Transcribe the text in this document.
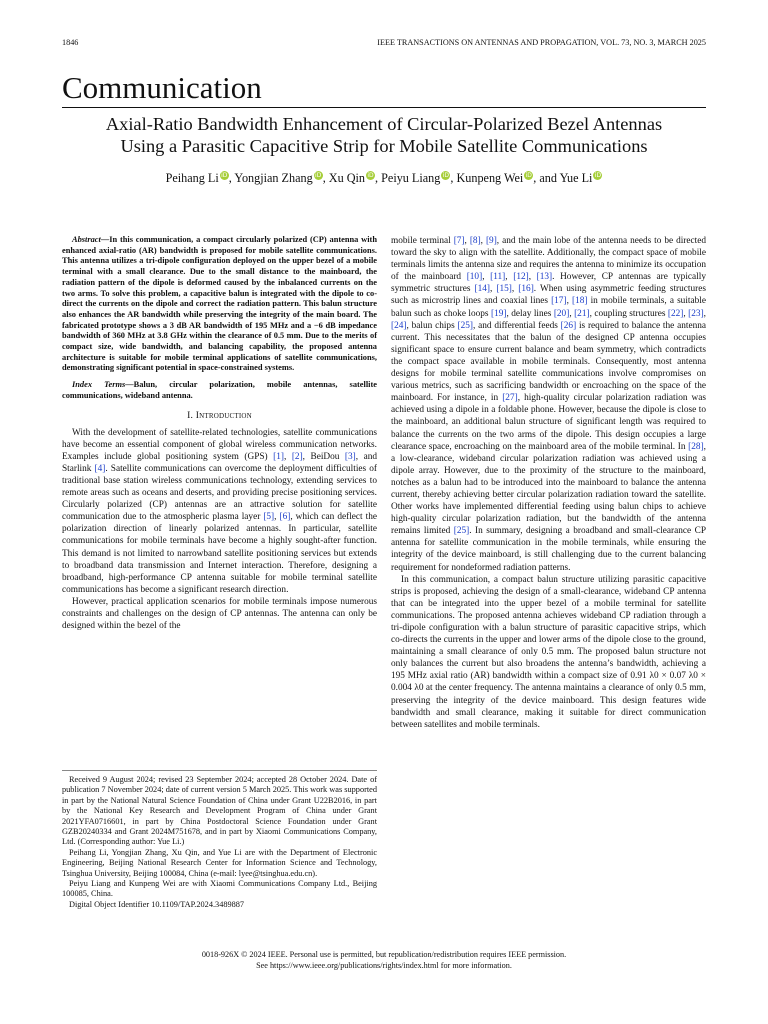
1846	IEEE TRANSACTIONS ON ANTENNAS AND PROPAGATION, VOL. 73, NO. 3, MARCH 2025
Communication
Axial-Ratio Bandwidth Enhancement of Circular-Polarized Bezel Antennas
Using a Parasitic Capacitive Strip for Mobile Satellite Communications
Peihang Li iD, Yongjian Zhang iD, Xu Qin iD, Peiyu Liang iD, Kunpeng Wei iD, and Yue Li iD

Abstract—In this communication, a compact circularly polarized (CP) antenna with enhanced axial-ratio (AR) bandwidth is proposed for mobile satellite communications. This antenna utilizes a tri-dipole configuration deployed on the upper bezel of a mobile terminal with a small clearance. Due to the small distance to the mainboard, the radiation pattern of the dipole is deformed caused by the inbalanced currents on the two arms. To solve this problem, a capacitive balun is integrated with the dipole to co-direct the currents on the dipole and correct the radiation pattern. This balun structure also enhances the AR bandwidth while preserving the integrity of the main board. The fabricated prototype shows a 3 dB AR bandwidth of 195 MHz and a −6 dB impedance bandwidth of 360 MHz at 3.8 GHz within the clearance of 0.5 mm. Due to the merits of compact size, wide bandwidth, and balancing capability, the proposed antenna architecture is suitable for mobile terminal applications of satellite communications, demonstrating significant potential in space-constrained systems.

Index Terms—Balun, circular polarization, mobile antennas, satellite communications, wideband antenna.

I. Introduction

With the development of satellite-related technologies, satellite communications have become an essential component of global wireless communication networks. Examples include global positioning system (GPS) [1], [2], BeiDou [3], and Starlink [4]. Satellite communications can overcome the deployment difficulties of traditional base station wireless communications technology, extending services to remote areas such as oceans and deserts, and providing precise positioning services. Circularly polarized (CP) antennas are an attractive solution for satellite communication due to the atmospheric plasma layer [5], [6], which can deflect the polarization direction of linearly polarized antennas. In particular, satellite communications for mobile terminals have become a highly sought-after function. This demand is not limited to narrowband satellite positioning services but extends to broadband data transmission and Internet interaction. Therefore, designing a broadband, high-performance CP antenna suitable for mobile terminal satellite communications has become a significant research direction.

However, practical application scenarios for mobile terminals impose numerous constraints and challenges on the design of CP antennas. The antenna can only be designed within the bezel of the

Received 9 August 2024; revised 23 September 2024; accepted 28 October 2024. Date of publication 7 November 2024; date of current version 5 March 2025. This work was supported in part by the National Natural Science Foundation of China under Grant U22B2016, in part by the National Key Research and Development Program of China under Grant 2021YFA0716601, in part by China Postdoctoral Science Foundation under Grant GZB20240334 and Grant 2024M751678, and in part by Xiaomi Communications Company, Ltd. (Corresponding author: Yue Li.)

Peihang Li, Yongjian Zhang, Xu Qin, and Yue Li are with the Department of Electronic Engineering, Beijing National Research Center for Information Science and Technology, Tsinghua University, Beijing 100084, China (e-mail: lyee@tsinghua.edu.cn).

Peiyu Liang and Kunpeng Wei are with Xiaomi Communications Company Ltd., Beijing 100085, China.

Digital Object Identifier 10.1109/TAP.2024.3489887

mobile terminal [7], [8], [9], and the main lobe of the antenna needs to be directed toward the sky to align with the satellite. Additionally, the compact space of mobile terminals limits the antenna size and requires the antenna to minimize its occupation of the mainboard [10], [11], [12], [13]. However, CP antennas are typically symmetric structures [14], [15], [16]. When using asymmetric feeding structures such as microstrip lines and coaxial lines [17], [18] in mobile terminals, a suitable balun such as choke loops [19], delay lines [20], [21], coupling structures [22], [23], [24], balun chips [25], and differential feeds [26] is required to balance the antenna current. This necessitates that the balun of the designed CP antenna occupies significant space to ensure current balance and beam symmetry, which contradicts the compact space available in mobile terminals. Consequently, most antenna designs for mobile terminal satellite communications involve compromises on various metrics, such as sacrificing bandwidth or encroaching on the space of the mainboard. For instance, in [27], high-quality circular polarization radiation was achieved using a dipole in a foldable phone. However, because the dipole is close to the mainboard, an additional balun structure of significant length was required to balance the currents on the two arms of the dipole. This design occupies a large clearance space, encroaching on the mainboard area of the mobile terminal. In [28], a low-clearance, wideband circular polarization radiation was achieved using a dipole array. However, due to the proximity of the structure to the mainboard, notches as a balun had to be introduced into the mainboard to balance the antenna current, thereby achieving better circular polarization radiation toward the satellite. Other works have implemented differential feeding using balun chips to achieve high-quality circular polarization radiation, but the bandwidth of the antenna remains limited [25]. In summary, designing a broadband and small-clearance CP antenna for satellite communication in the mobile terminals, while ensuring the integrity of the device mainboard, is still challenging due to the current balancing requirement for nondeformed radiation patterns.

In this communication, a compact balun structure utilizing parasitic capacitive strips is proposed, achieving the design of a small-clearance, wideband CP antenna that can be integrated into the upper bezel of a mobile terminal for satellite communications. The proposed antenna achieves wideband CP radiation through a tri-dipole configuration with a balun structure of parasitic capacitive strips, which co-directs the currents in the upper and lower arms of the dipole close to the ground, maintaining a small clearance of only 0.5 mm. The proposed balun structure not only balances the current but also broadens the antenna’s bandwidth, achieving a 195 MHz axial ratio (AR) bandwidth within a compact size of 0.91 λ0 × 0.07 λ0 × 0.004 λ0 at the center frequency. The antenna maintains a clearance of only 0.5 mm, preserving the integrity of the device mainboard. This design features wide bandwidth and small clearance, making it suitable for direct communication between satellites and mobile terminals.

0018-926X © 2024 IEEE. Personal use is permitted, but republication/redistribution requires IEEE permission.
See https://www.ieee.org/publications/rights/index.html for more information.
